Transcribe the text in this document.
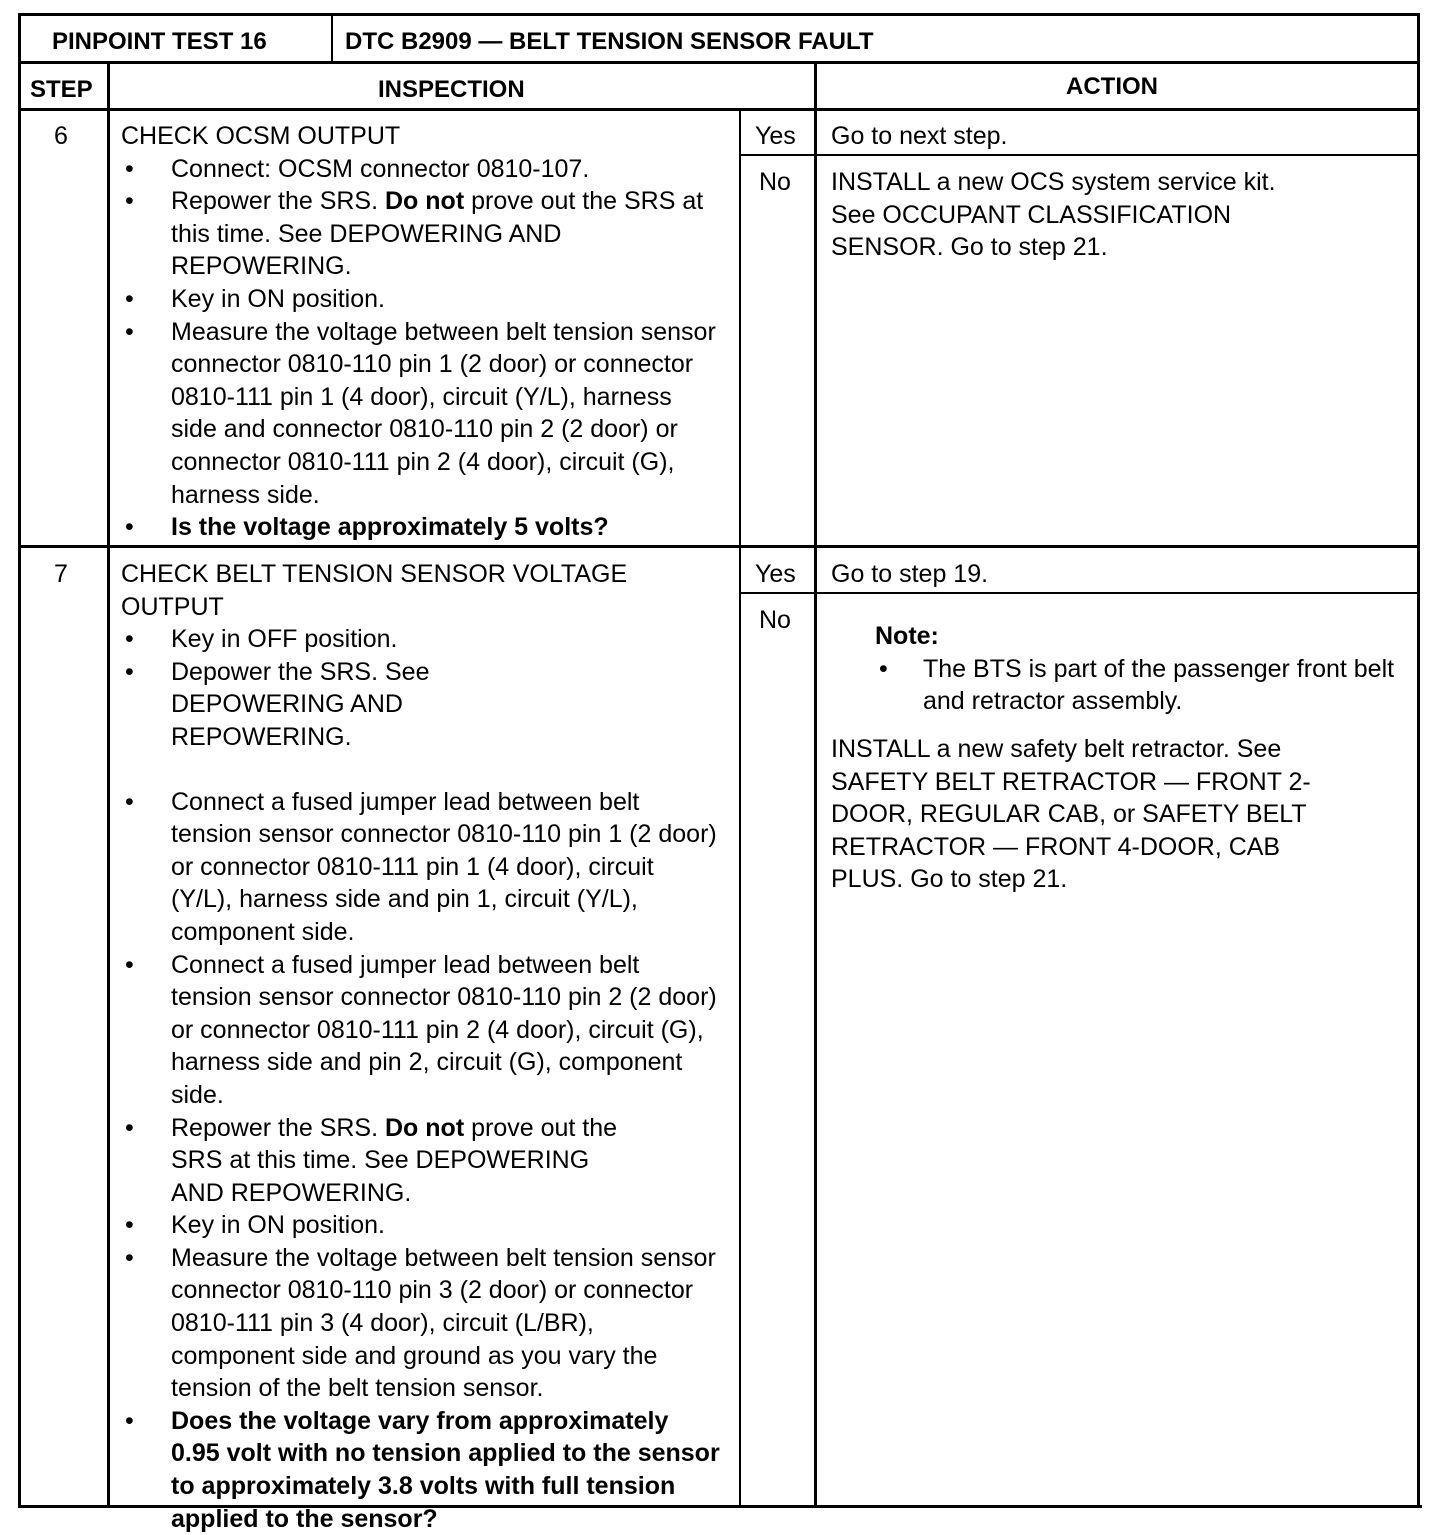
PINPOINT TEST 16	DTC B2909 — BELT TENSION SENSOR FAULT
STEP	INSPECTION	ACTION
6 CHECK OCSM OUTPUT

• Connect: OCSM connector 0810-107.
• Repower the SRS. Do not prove out the SRS at this time. See DEPOWERING AND REPOWERING.
• Key in ON position.
• Measure the voltage between belt tension sensor connector 0810-110 pin 1 (2 door) or connector 0810-111 pin 1 (4 door), circuit (Y/L), harness side and connector 0810-110 pin 2 (2 door) or connector 0810-111 pin 2 (4 door), circuit (G), harness side.
• Is the voltage approximately 5 volts?
Yes Go to next step.
No INSTALL a new OCS system service kit. See OCCUPANT CLASSIFICATION SENSOR. Go to step 21.

7 CHECK BELT TENSION SENSOR VOLTAGE OUTPUT

• Key in OFF position.
• Depower the SRS. See DEPOWERING AND REPOWERING.
• Connect a fused jumper lead between belt tension sensor connector 0810-110 pin 1 (2 door) or connector 0810-111 pin 1 (4 door), circuit (Y/L), harness side and pin 1, circuit (Y/L), component side.
• Connect a fused jumper lead between belt tension sensor connector 0810-110 pin 2 (2 door) or connector 0810-111 pin 2 (4 door), circuit (G), harness side and pin 2, circuit (G), component side.
• Repower the SRS. Do not prove out the SRS at this time. See DEPOWERING AND REPOWERING.
• Key in ON position.
• Measure the voltage between belt tension sensor connector 0810-110 pin 3 (2 door) or connector 0810-111 pin 3 (4 door), circuit (L/BR), component side and ground as you vary the tension of the belt tension sensor.
• Does the voltage vary from approximately 0.95 volt with no tension applied to the sensor to approximately 3.8 volts with full tension applied to the sensor?
Yes Go to step 19.
No

Note:

• The BTS is part of the passenger front belt and retractor assembly.

INSTALL a new safety belt retractor. See SAFETY BELT RETRACTOR — FRONT 2-DOOR, REGULAR CAB, or SAFETY BELT RETRACTOR — FRONT 4-DOOR, CAB PLUS. Go to step 21.
